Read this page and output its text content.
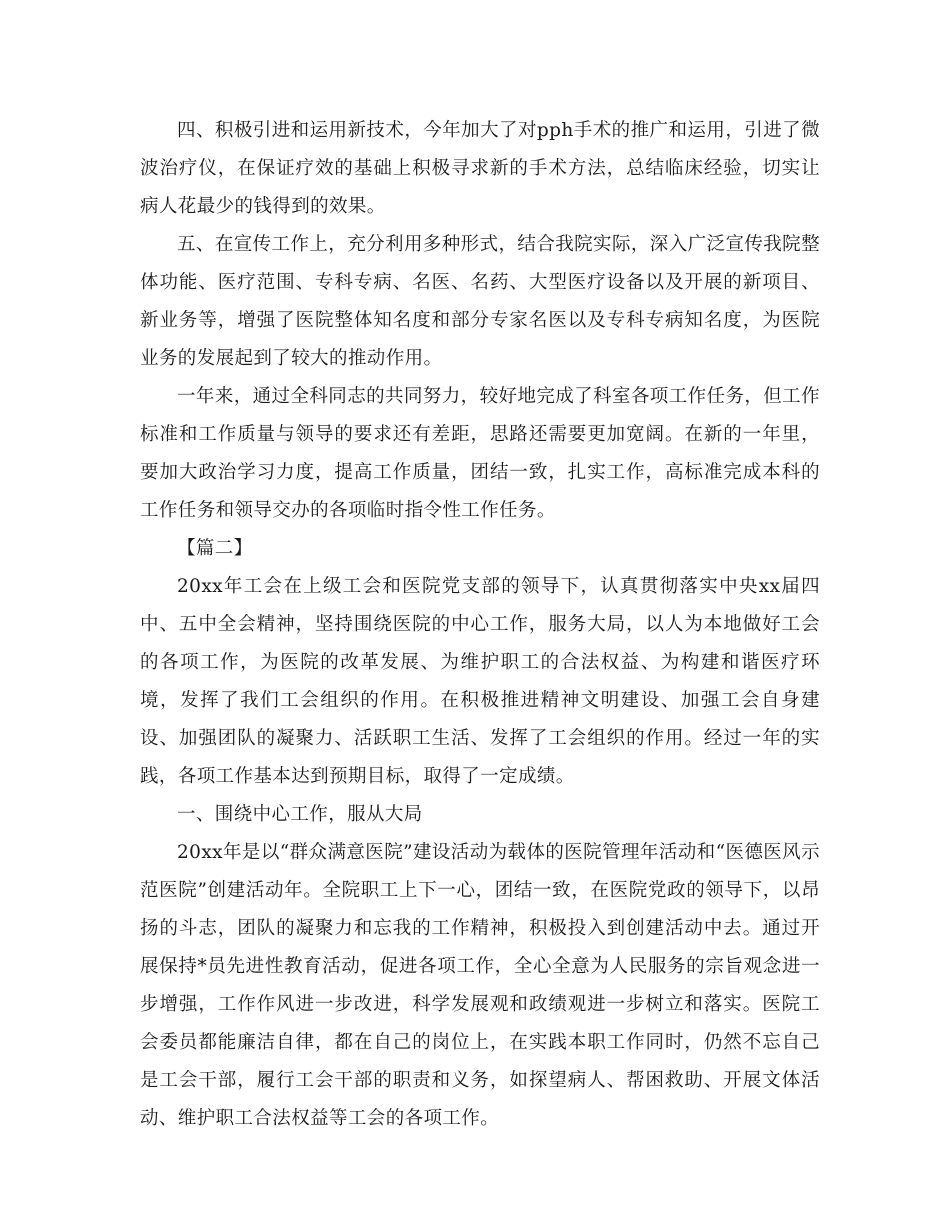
四、积极引进和运用新技术，今年加大了对pph手术的推广和运用，引进了微波治疗仪，在保证疗效的基础上积极寻求新的手术方法，总结临床经验，切实让病人花最少的钱得到的效果。

五、在宣传工作上，充分利用多种形式，结合我院实际，深入广泛宣传我院整体功能、医疗范围、专科专病、名医、名药、大型医疗设备以及开展的新项目、新业务等，增强了医院整体知名度和部分专家名医以及专科专病知名度，为医院业务的发展起到了较大的推动作用。

一年来，通过全科同志的共同努力，较好地完成了科室各项工作任务，但工作标准和工作质量与领导的要求还有差距，思路还需要更加宽阔。在新的一年里，要加大政治学习力度，提高工作质量，团结一致，扎实工作，高标准完成本科的工作任务和领导交办的各项临时指令性工作任务。

【篇二】

20xx年工会在上级工会和医院党支部的领导下，认真贯彻落实中央xx届四中、五中全会精神，坚持围绕医院的中心工作，服务大局，以人为本地做好工会的各项工作，为医院的改革发展、为维护职工的合法权益、为构建和谐医疗环境，发挥了我们工会组织的作用。在积极推进精神文明建设、加强工会自身建设、加强团队的凝聚力、活跃职工生活、发挥了工会组织的作用。经过一年的实践，各项工作基本达到预期目标，取得了一定成绩。

一、围绕中心工作，服从大局

20xx年是以“群众满意医院”建设活动为载体的医院管理年活动和“医德医风示范医院”创建活动年。全院职工上下一心，团结一致，在医院党政的领导下，以昂扬的斗志，团队的凝聚力和忘我的工作精神，积极投入到创建活动中去。通过开展保持*员先进性教育活动，促进各项工作，全心全意为人民服务的宗旨观念进一步增强，工作作风进一步改进，科学发展观和政绩观进一步树立和落实。医院工会委员都能廉洁自律，都在自己的岗位上，在实践本职工作同时，仍然不忘自己是工会干部，履行工会干部的职责和义务，如探望病人、帮困救助、开展文体活动、维护职工合法权益等工会的各项工作。
